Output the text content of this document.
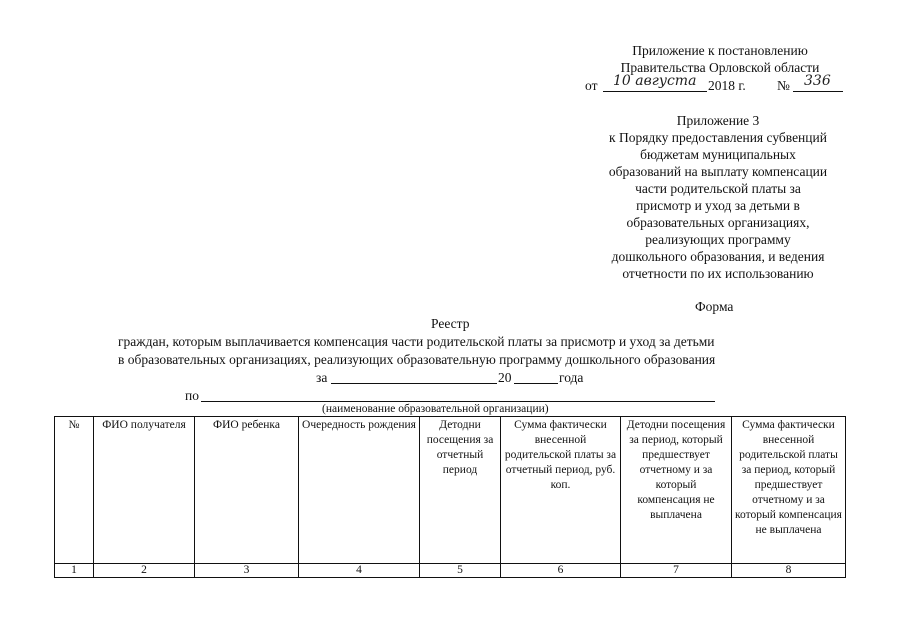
Приложение к постановлению
Правительства Орловской области
от 10 августа 2018 г. № 336
Приложение 3
к Порядку предоставления субвенций
бюджетам муниципальных
образований на выплату компенсации
части родительской платы за
присмотр и уход за детьми в
образовательных организациях,
реализующих программу
дошкольного образования, и ведения
отчетности по их использованию
Форма
Реестр
граждан, которым выплачивается компенсация части родительской платы за присмотр и уход за детьми
в образовательных организациях, реализующих образовательную программу дошкольного образования
за	20	года
по
(наименование образовательной организации)
№	ФИО получателя	ФИО ребенка	Очередность рождения	Детодни посещения за отчетный период	Сумма фактически внесенной родительской платы за отчетный период, руб. коп.	Детодни посещения за период, который предшествует отчетному и за который компенсация не выплачена	Сумма фактически внесенной родительской платы за период, который предшествует отчетному и за который компенсация не выплачена
1	2	3	4	5	6	7	8
